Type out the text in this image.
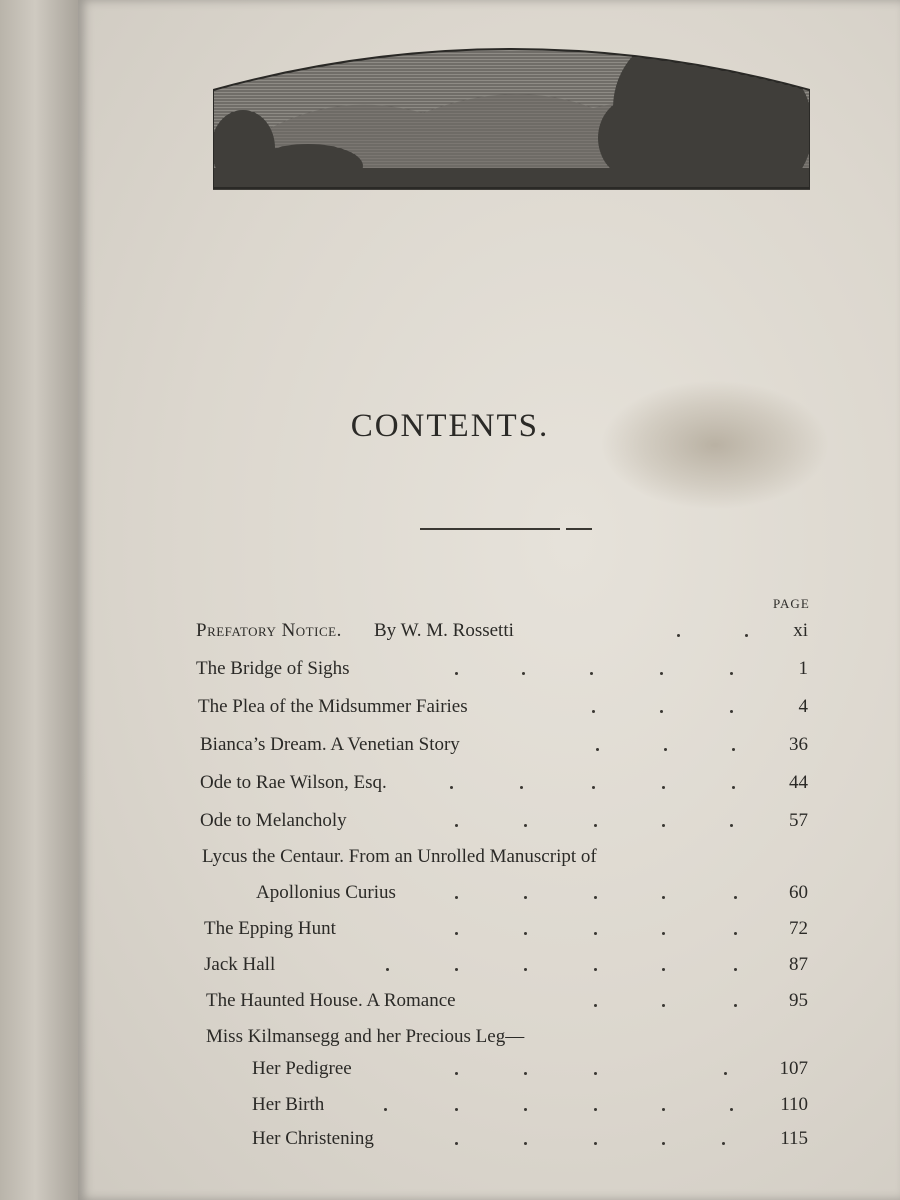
CONTENTS.
PAGE
Prefatory Notice. By W. M. Rossetti	xi
The Bridge of Sighs	1
The Plea of the Midsummer Fairies	4
Bianca’s Dream. A Venetian Story	36
Ode to Rae Wilson, Esq.	44
Ode to Melancholy	57
Lycus the Centaur. From an Unrolled Manuscript of
Apollonius Curius	60
The Epping Hunt	72
Jack Hall	87
The Haunted House. A Romance	95
Miss Kilmansegg and her Precious Leg—
Her Pedigree	107
Her Birth	110
Her Christening	115
